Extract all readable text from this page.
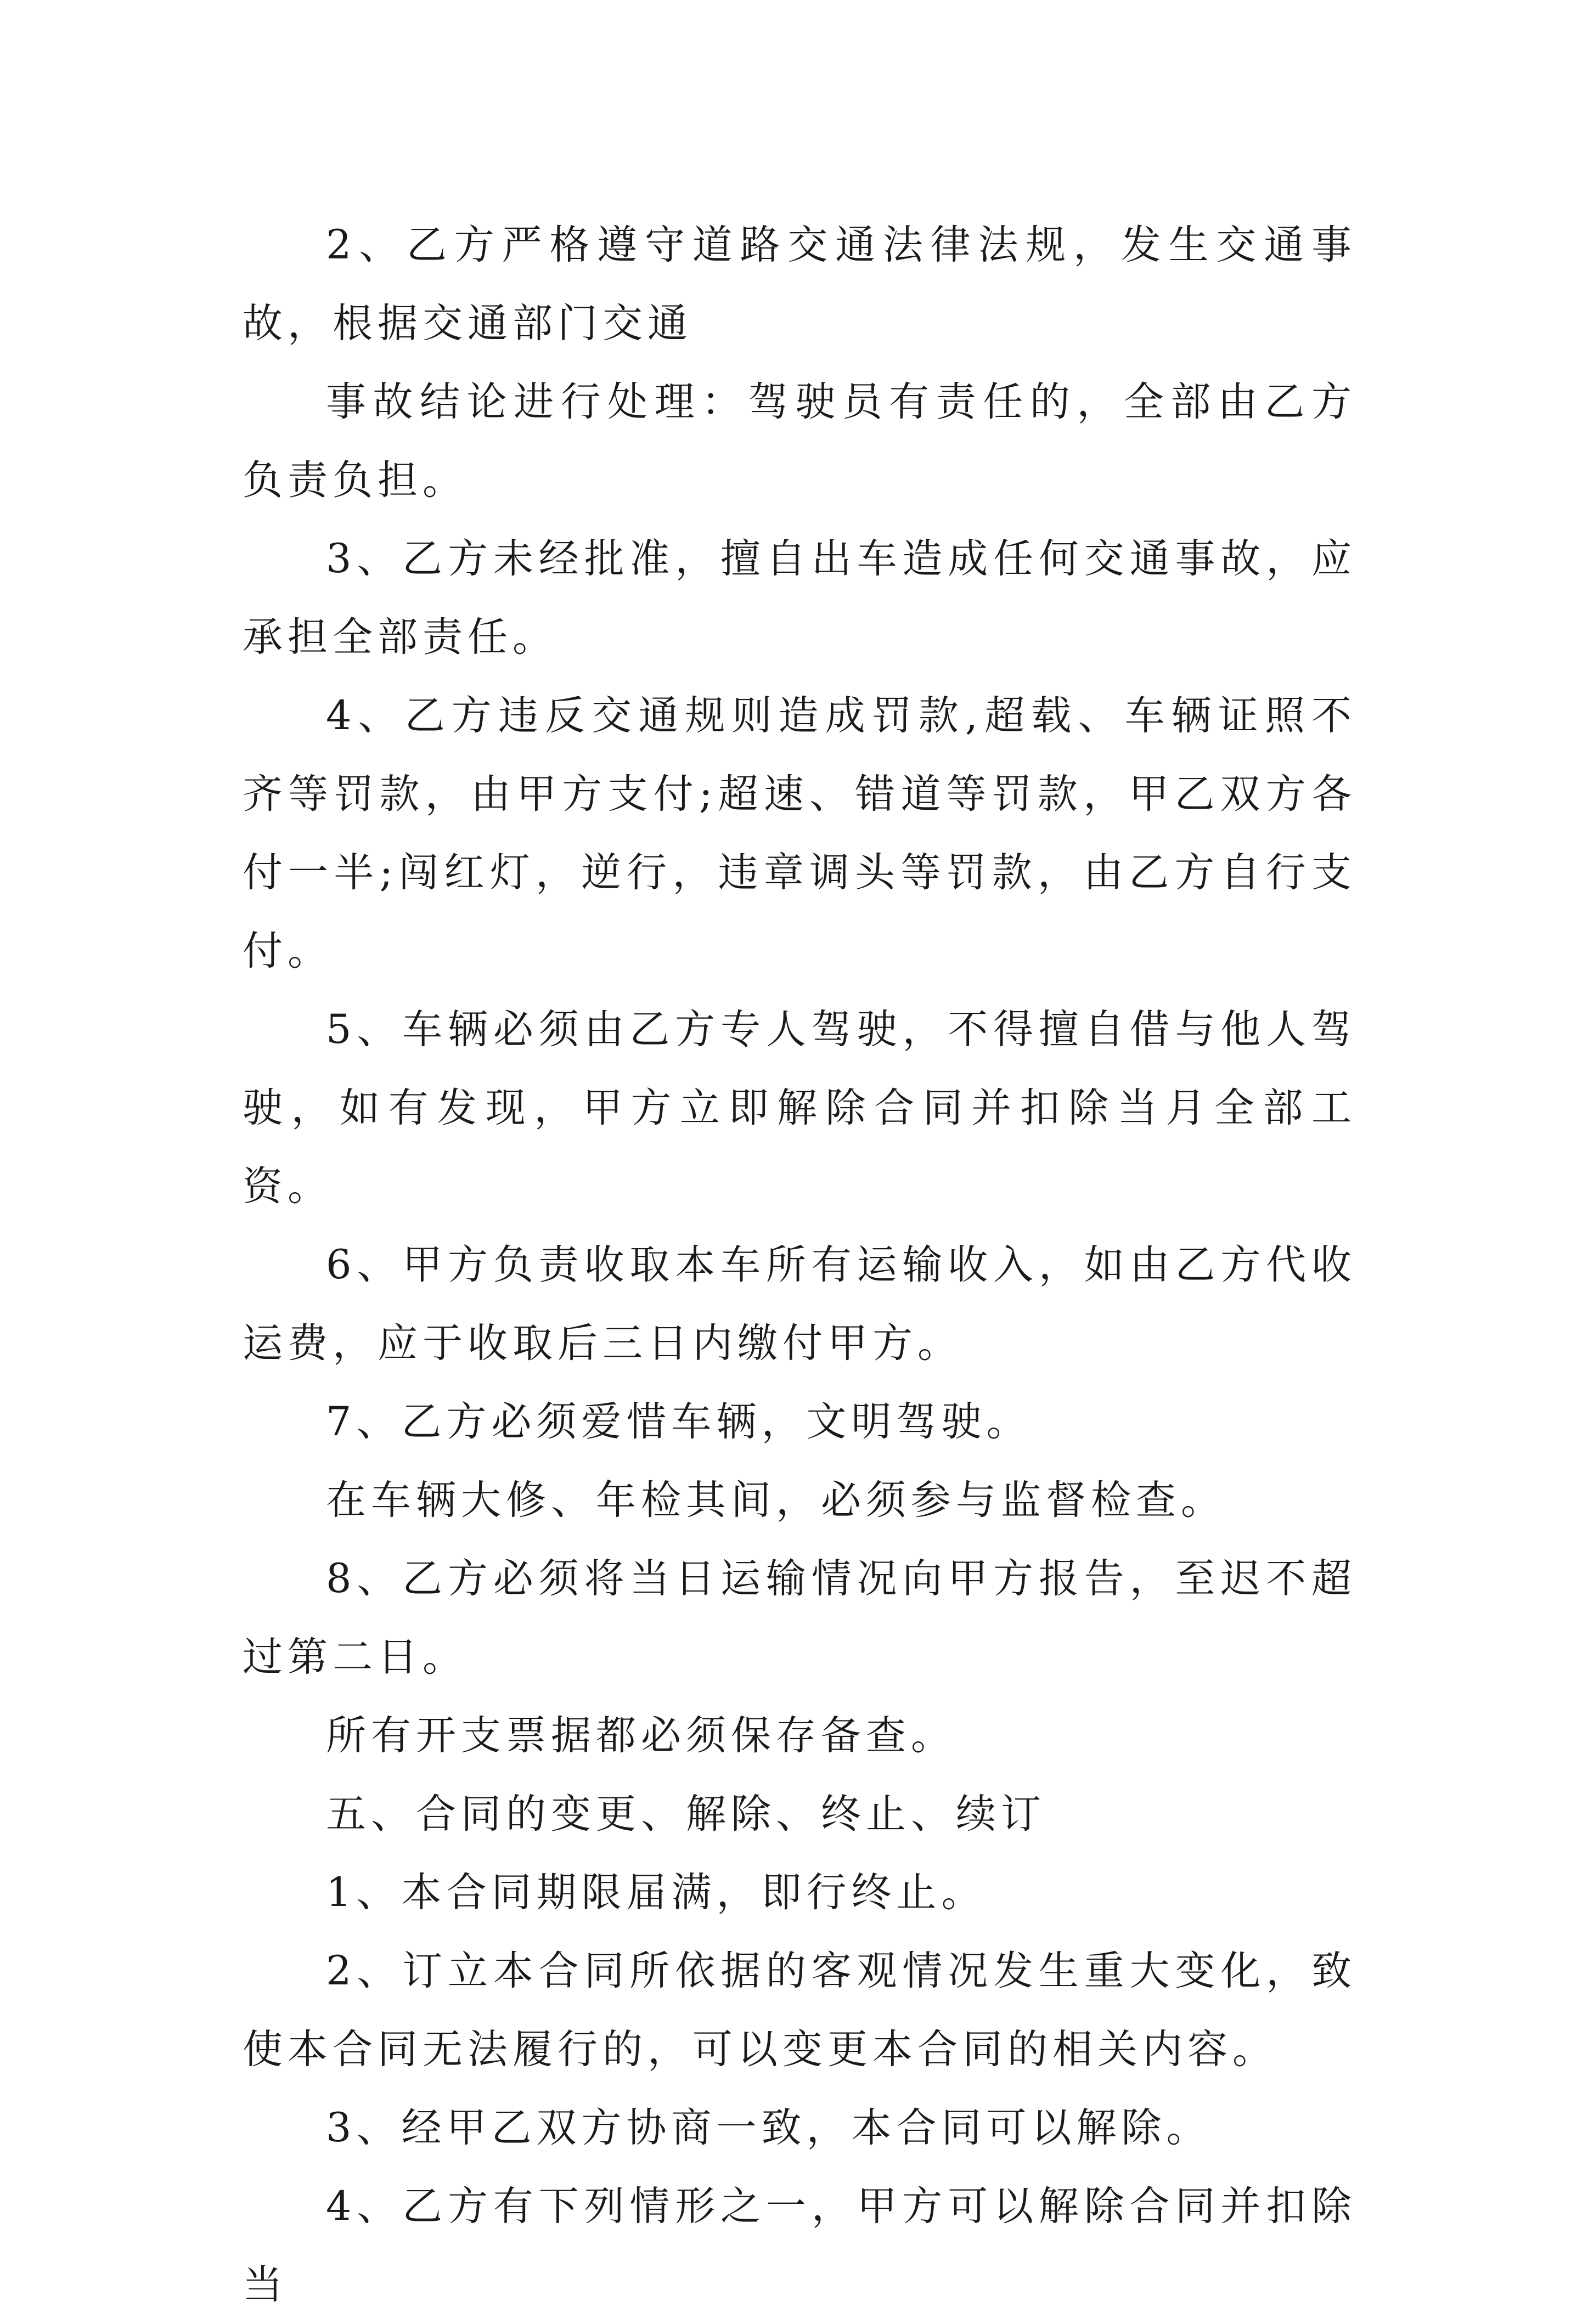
2、乙方严格遵守道路交通法律法规，发生交通事故，根据交通部门交通

事故结论进行处理：驾驶员有责任的，全部由乙方负责负担。

3、乙方未经批准，擅自出车造成任何交通事故，应承担全部责任。

4、乙方违反交通规则造成罚款,超载、车辆证照不齐等罚款，由甲方支付;超速、错道等罚款，甲乙双方各付一半;闯红灯，逆行，违章调头等罚款，由乙方自行支付。

5、车辆必须由乙方专人驾驶，不得擅自借与他人驾驶，如有发现，甲方立即解除合同并扣除当月全部工资。

6、甲方负责收取本车所有运输收入，如由乙方代收运费，应于收取后三日内缴付甲方。

7、乙方必须爱惜车辆，文明驾驶。

在车辆大修、年检其间，必须参与监督检查。

8、乙方必须将当日运输情况向甲方报告，至迟不超过第二日。

所有开支票据都必须保存备查。

五、合同的变更、解除、终止、续订

1、本合同期限届满，即行终止。

2、订立本合同所依据的客观情况发生重大变化，致使本合同无法履行的，可以变更本合同的相关内容。

3、经甲乙双方协商一致，本合同可以解除。

4、乙方有下列情形之一，甲方可以解除合同并扣除当
